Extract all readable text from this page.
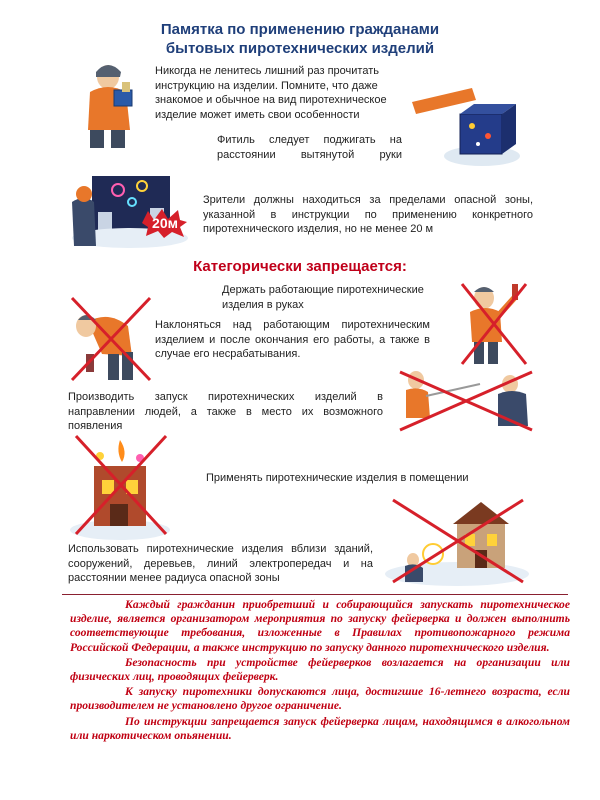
Памятка по применению гражданами
бытовых пиротехнических изделий
Никогда не ленитесь лишний раз прочитать инструкцию на изделии. Помните, что даже знакомое и обычное на вид пиротехническое изделие может иметь свои особенности
Фитиль следует поджигать на расстоянии вытянутой руки
20м
Зрители должны находиться за пределами опасной зоны, указанной в инструкции по применению конкретного пиротехнического изделия, но не менее 20 м
Категорически запрещается:
Держать работающие пиротехнические изделия в руках
Наклоняться над работающим пиротехническим изделием и после окончания его работы, а также в случае его несрабатывания.
Производить запуск пиротехнических изделий в направлении людей, а также в место их возможного появления
Применять пиротехнические изделия в помещении
Использовать пиротехнические изделия вблизи зданий, сооружений, деревьев, линий электропередач и на расстоянии менее радиуса опасной зоны

Каждый гражданин приобретший и собирающийся запускать пиротехническое изделие, является организатором мероприятия по запуску фейерверка и должен выполнить соответствующие требования, изложенные в Правилах противопожарного режима Российской Федерации, а также инструкцию по запуску данного пиротехнического изделия.

Безопасность при устройстве фейерверков возлагается на организации или физических лиц, проводящих фейерверк.

К запуску пиротехники допускаются лица, достигшие 16-летнего возраста, если производителем не установлено другое ограничение.

По инструкции запрещается запуск фейерверка лицам, находящимся в алкогольном или наркотическом опьянении.
